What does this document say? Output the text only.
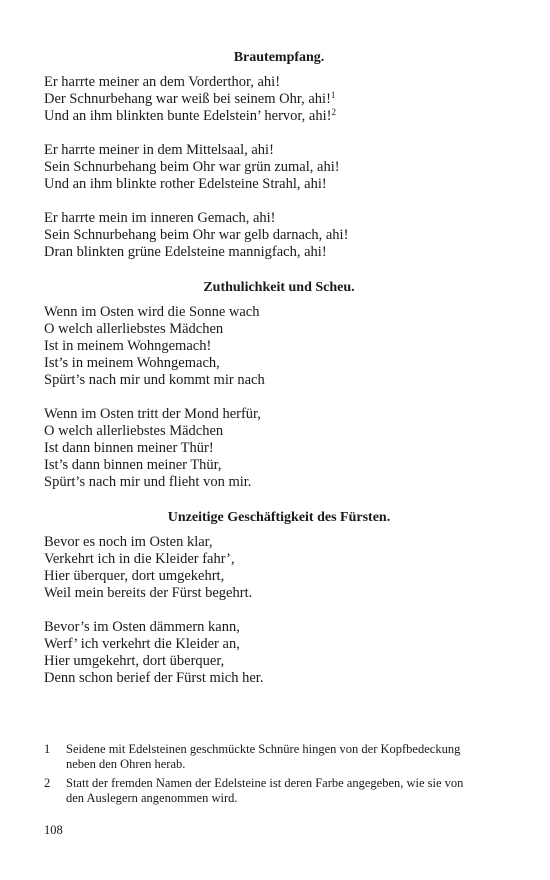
Brautempfang.
Er harrte meiner an dem Vorderthor, ahi!
Der Schnurbehang war weiß bei seinem Ohr, ahi!$^1$
Und an ihm blinkten bunte Edelstein’ hervor, ahi!$^2$
Er harrte meiner in dem Mittelsaal, ahi!
Sein Schnurbehang beim Ohr war grün zumal, ahi!
Und an ihm blinkte rother Edelsteine Strahl, ahi!
Er harrte mein im inneren Gemach, ahi!
Sein Schnurbehang beim Ohr war gelb darnach, ahi!
Dran blinkten grüne Edelsteine mannigfach, ahi!
Zuthulichkeit und Scheu.
Wenn im Osten wird die Sonne wach
O welch allerliebstes Mädchen
Ist in meinem Wohngemach!
Ist’s in meinem Wohngemach,
Spürt’s nach mir und kommt mir nach
Wenn im Osten tritt der Mond herfür,
O welch allerliebstes Mädchen
Ist dann binnen meiner Thür!
Ist’s dann binnen meiner Thür,
Spürt’s nach mir und flieht von mir.
Unzeitige Geschäftigkeit des Fürsten.
Bevor es noch im Osten klar,
Verkehrt ich in die Kleider fahr’,
Hier überquer, dort umgekehrt,
Weil mein bereits der Fürst begehrt.
Bevor’s im Osten dämmern kann,
Werf’ ich verkehrt die Kleider an,
Hier umgekehrt, dort überquer,
Denn schon berief der Fürst mich her.
1	Seidene mit Edelsteinen geschmückte Schnüre hingen von der Kopfbedeckung neben den Ohren herab.
2	Statt der fremden Namen der Edelsteine ist deren Farbe angegeben, wie sie von den Auslegern angenommen wird.
108
